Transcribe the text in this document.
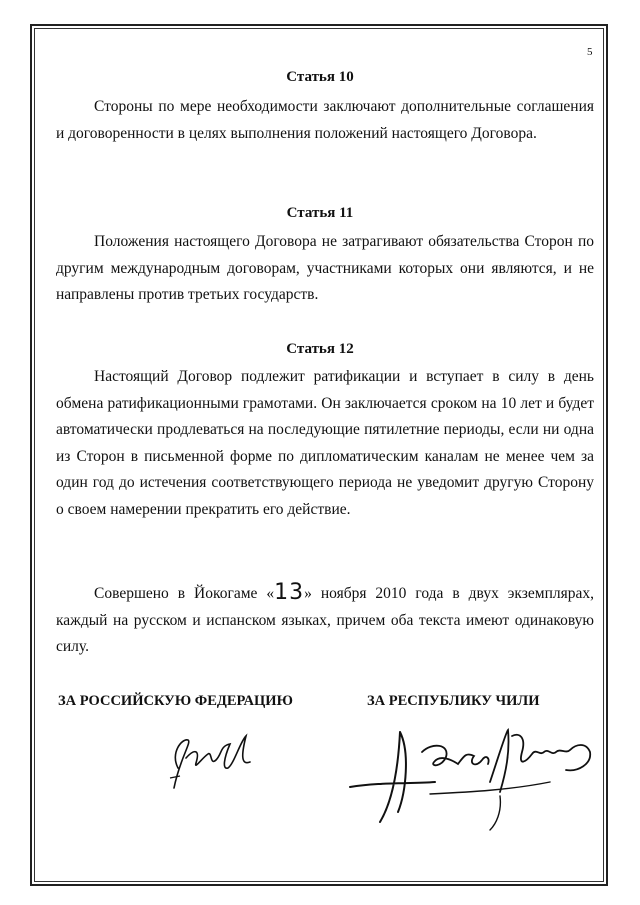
5
Статья 10

Стороны по мере необходимости заключают дополнительные соглашения и договоренности в целях выполнения положений настоящего Договора.

Статья 11

Положения настоящего Договора не затрагивают обязательства Сторон по другим международным договорам, участниками которых они являются, и не направлены против третьих государств.

Статья 12

Настоящий Договор подлежит ратификации и вступает в силу в день обмена ратификационными грамотами. Он заключается сроком на 10 лет и будет автоматически продлеваться на последующие пятилетние периоды, если ни одна из Сторон в письменной форме по дипломатическим каналам не менее чем за один год до истечения соответствующего периода не уведомит другую Сторону о своем намерении прекратить его действие.

Совершено в Йокогаме «13» ноября 2010 года в двух экземплярах, каждый на русском и испанском языках, причем оба текста имеют одинаковую силу.

ЗА РОССИЙСКУЮ ФЕДЕРАЦИЮ	ЗА РЕСПУБЛИКУ ЧИЛИ
